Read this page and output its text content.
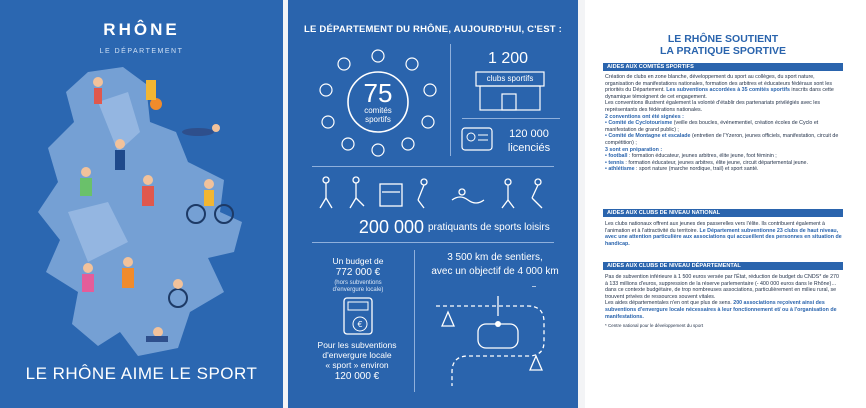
RHÔNE
LE DÉPARTEMENT
LE RHÔNE AIME LE SPORT
LE DÉPARTEMENT DU RHÔNE, AUJOURD'HUI, C'EST :
75
comités
sportifs
1 200
clubs sportifs
120 000
licenciés
200 000 pratiquants de sports loisirs
Un budget de
772 000 €
(hors subventions
d'envergure locale)
€
Pour les subventions
d'envergure locale
« sport » environ
120 000 €
3 500 km de sentiers,
avec un objectif de 4 000 km
LE RHÔNE SOUTIENT
LA PRATIQUE SPORTIVE
AIDES AUX COMITÉS SPORTIFS
Création de clubs en zone blanche, développement du sport au collèges, du sport nature, organisation de manifestations nationales, formation des arbitres et éducateurs fédéraux sont les priorités du Département. Les subventions accordées à 35 comités sportifs inscrits dans cette dynamique témoignent de cet engagement.
Les conventions illustrent également la volonté d'établir des partenariats privilégiés avec les représentants des fédérations nationales.
2 conventions ont été signées :
• Comité de Cyclotourisme (veille des boucles, événementiel, création écoles de Cyclo et manifestation de grand public) ;
• Comité de Montagne et escalade (entretien de l'Yzeron, jeunes officiels, manifestation, circuit de compétition) ;
3 sont en préparation :
• football : formation éducateur, jeunes arbitres, élite jeune, foot féminin ;
• tennis : formation éducateur, jeunes arbitres, élite jeune, circuit départemental jeune.
• athlétisme : sport nature (marche nordique, trail) et sport santé.
AIDES AUX CLUBS DE NIVEAU NATIONAL
Les clubs nationaux offrent aux jeunes des passerelles vers l'élite. Ils contribuent également à l'animation et à l'attractivité du territoire. Le Département subventionne 23 clubs de haut niveau, avec une attention particulière aux associations qui accueillent des personnes en situation de handicap.
AIDES AUX CLUBS DE NIVEAU DÉPARTEMENTAL
Pas de subvention inférieure à 1 500 euros versée par l'État, réduction de budget du CNDS* de 270 à 133 millions d'euros, suppression de la réserve parlementaire (- 400 000 euros dans le Rhône)… dans ce contexte budgétaire, de trop nombreuses associations, particulièrement en milieu rural, se trouvent privées de ressources souvent vitales.
Les aides départementales n'en ont que plus de sens. 200 associations reçoivent ainsi des subventions d'envergure locale nécessaires à leur fonctionnement et/ ou à l'organisation de manifestations.
* Centre national pour le développement du sport
